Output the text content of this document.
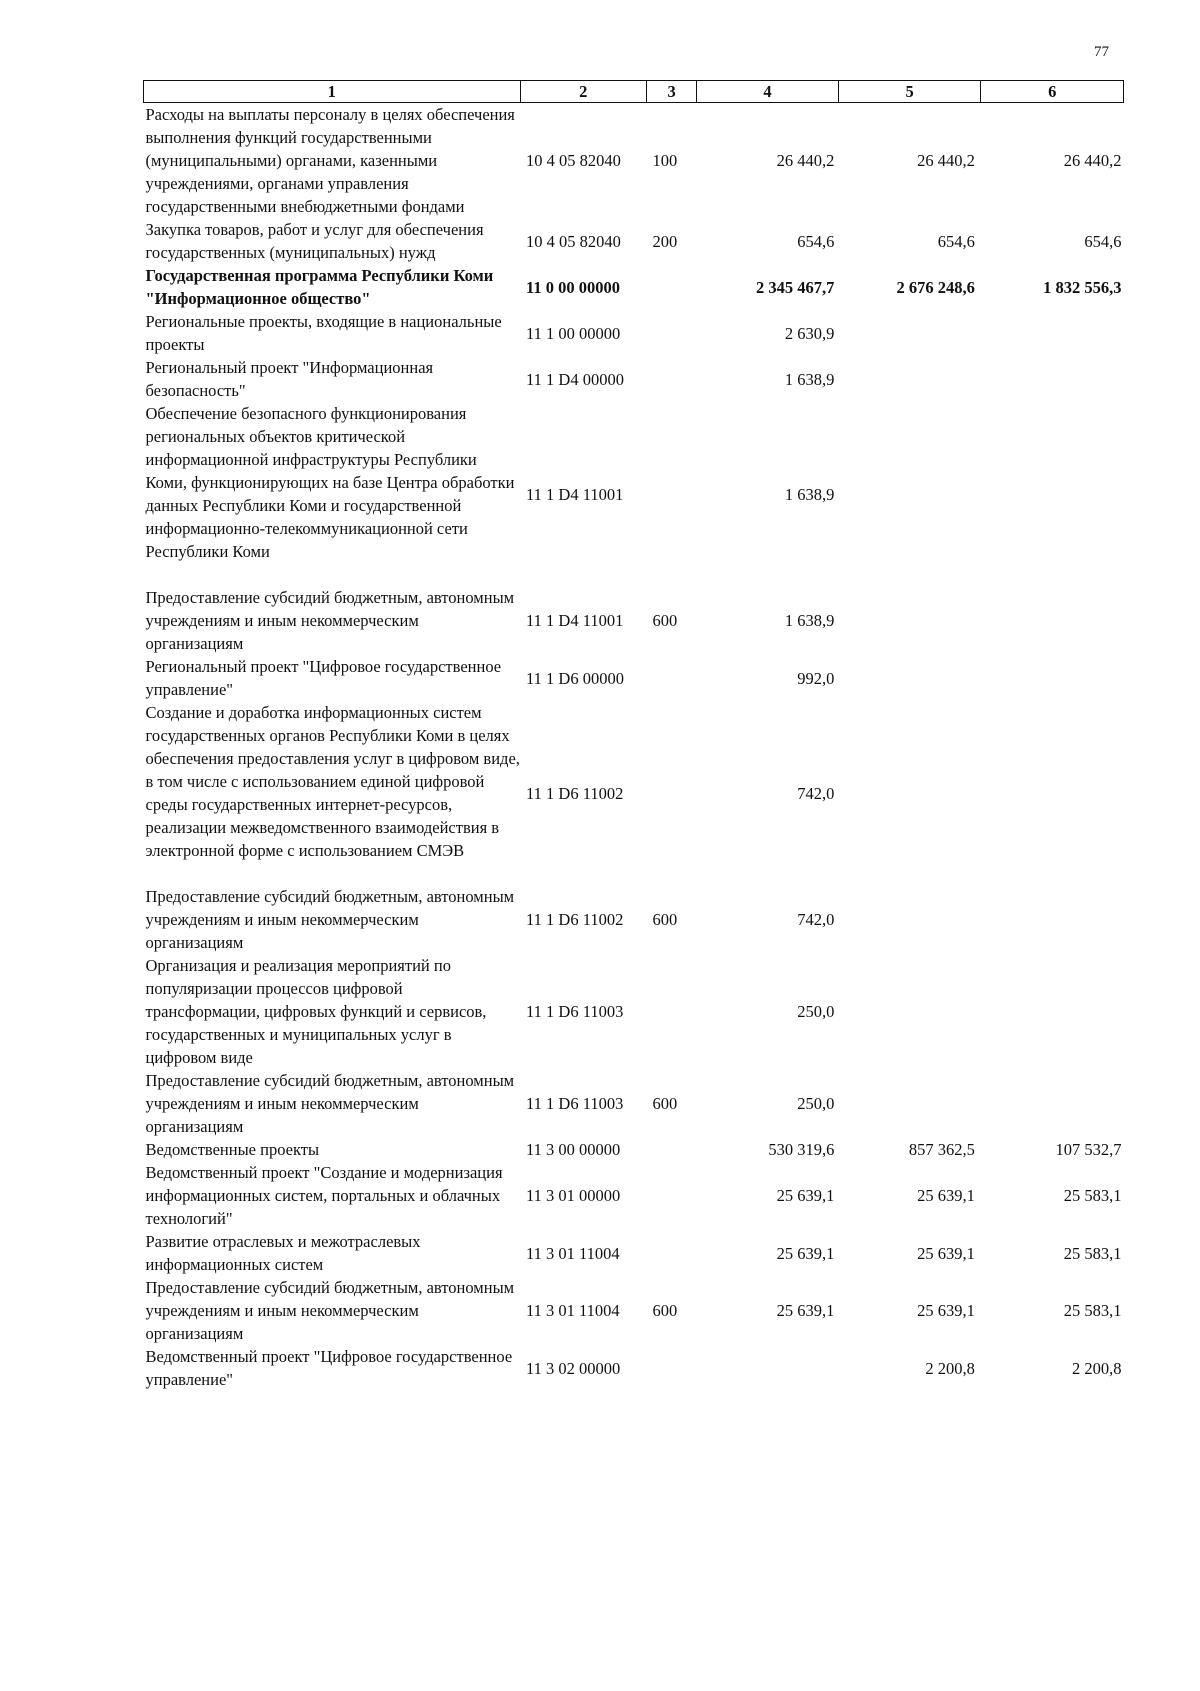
77
1	2	3	4	5	6
Расходы на выплаты персоналу в целях обеспечения выполнения функций государственными (муниципальными) органами, казенными учреждениями, органами управления государственными внебюджетными фондами	10 4 05 82040	100	26 440,2	26 440,2	26 440,2
Закупка товаров, работ и услуг для обеспечения государственных (муниципальных) нужд	10 4 05 82040	200	654,6	654,6	654,6
Государственная программа Республики Коми "Информационное общество"	11 0 00 00000		2 345 467,7	2 676 248,6	1 832 556,3
Региональные проекты, входящие в национальные проекты	11 1 00 00000		2 630,9		
Региональный проект "Информационная безопасность"	11 1 D4 00000		1 638,9		
Обеспечение безопасного функционирования региональных объектов критической информационной инфраструктуры Республики Коми, функционирующих на базе Центра обработки данных Республики Коми и государственной информационно-телекоммуникационной сети Республики Коми	11 1 D4 11001		1 638,9		
Предоставление субсидий бюджетным, автономным учреждениям и иным некоммерческим организациям	11 1 D4 11001	600	1 638,9		
Региональный проект "Цифровое государственное управление"	11 1 D6 00000		992,0		
Создание и доработка информационных систем государственных органов Республики Коми в целях обеспечения предоставления услуг в цифровом виде, в том числе с использованием единой цифровой среды государственных интернет-ресурсов, реализации межведомственного взаимодействия в электронной форме с использованием СМЭВ	11 1 D6 11002		742,0		
Предоставление субсидий бюджетным, автономным учреждениям и иным некоммерческим организациям	11 1 D6 11002	600	742,0		
Организация и реализация мероприятий по популяризации процессов цифровой трансформации, цифровых функций и сервисов, государственных и муниципальных услуг в цифровом виде	11 1 D6 11003		250,0		
Предоставление субсидий бюджетным, автономным учреждениям и иным некоммерческим организациям	11 1 D6 11003	600	250,0		
Ведомственные проекты	11 3 00 00000		530 319,6	857 362,5	107 532,7
Ведомственный проект "Создание и модернизация информационных систем, портальных и облачных технологий"	11 3 01 00000		25 639,1	25 639,1	25 583,1
Развитие отраслевых и межотраслевых информационных систем	11 3 01 11004		25 639,1	25 639,1	25 583,1
Предоставление субсидий бюджетным, автономным учреждениям и иным некоммерческим организациям	11 3 01 11004	600	25 639,1	25 639,1	25 583,1
Ведомственный проект "Цифровое государственное управление"	11 3 02 00000			2 200,8	2 200,8
